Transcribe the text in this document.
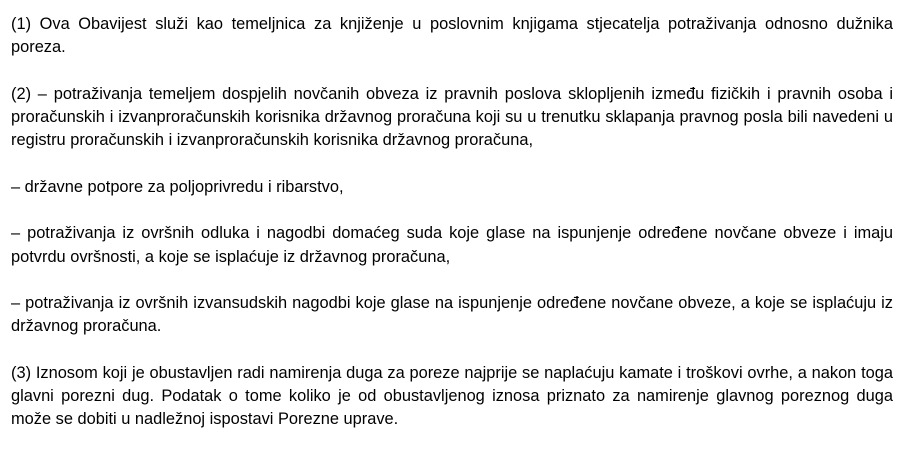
(1) Ova Obavijest služi kao temeljnica za knjiženje u poslovnim knjigama stjecatelja potraživanja odnosno dužnika poreza.

(2) – potraživanja temeljem dospjelih novčanih obveza iz pravnih poslova sklopljenih između fizičkih i pravnih osoba i proračunskih i izvanproračunskih korisnika državnog proračuna koji su u trenutku sklapanja pravnog posla bili navedeni u registru proračunskih i izvanproračunskih korisnika državnog proračuna,

– državne potpore za poljoprivredu i ribarstvo,

– potraživanja iz ovršnih odluka i nagodbi domaćeg suda koje glase na ispunjenje određene novčane obveze i imaju potvrdu ovršnosti, a koje se isplaćuje iz državnog proračuna,

– potraživanja iz ovršnih izvansudskih nagodbi koje glase na ispunjenje određene novčane obveze, a koje se isplaćuju iz državnog proračuna.

(3) Iznosom koji je obustavljen radi namirenja duga za poreze najprije se naplaćuju kamate i troškovi ovrhe, a nakon toga glavni porezni dug. Podatak o tome koliko je od obustavljenog iznosa priznato za namirenje glavnog poreznog duga može se dobiti u nadležnoj ispostavi Porezne uprave.
